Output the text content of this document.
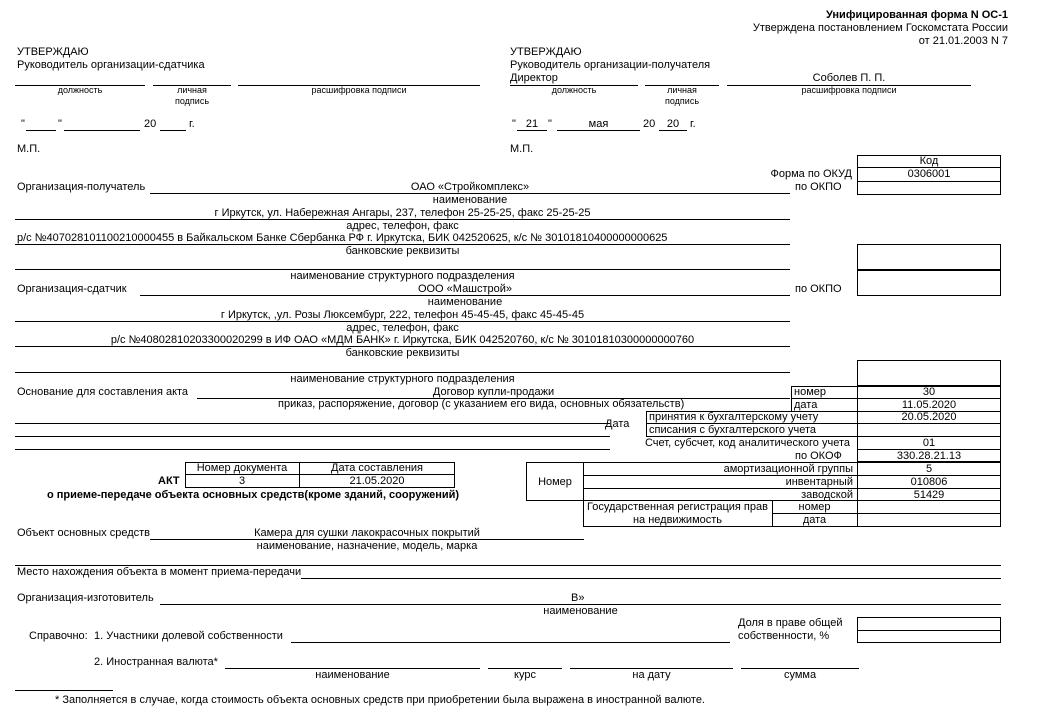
Унифицированная форма N ОС-1
Утверждена постановлением Госкомстата России
от 21.01.2003 N 7
УТВЕРЖДАЮ
Руководитель организации-сдатчика
должность	личная
подпись
расшифровка подписи
"	"	20	г.
М.П.
УТВЕРЖДАЮ
Руководитель организации-получателя
Директор	Соболев П. П.
должность	личная
подпись
расшифровка подписи
" 21 "	мая	20	20 г.
М.П.
Код
Форма по ОКУД	0306001
по ОКПО
Организация-получатель	ОАО «Стройкомплекс»
наименование
г Иркутск, ул. Набережная Ангары, 237, телефон 25-25-25, факс 25-25-25
адрес, телефон, факс
р/с №40702810110021000045​5 в Байкальском Банке Сбербанка РФ г. Иркутска, БИК 042520625, к/с № 30101810400000000625
банковские реквизиты
наименование структурного подразделения
Организация-сдатчик	ООО «Машстрой»
наименование
по ОКПО
г Иркутск, ,ул. Розы Люксембург, 222, телефон 45-45-45, факс 45-45-45
адрес, телефон, факс
р/с №40802810203300020299 в ИФ ОАО «МДМ БАНК» г. Иркутска, БИК 042520760, к/с № 30101810300000000760
банковские реквизиты
наименование структурного подразделения
Основание для составления акта	Договор купли-продажи
приказ, распоряжение, договор (с указанием его вида, основных обязательств)
номер	30
дата	11.05.2020
Дата
принятия к бухгалтерскому учету	20.05.2020
списания с бухгалтерского учета
Счет, субсчет, код аналитического учета	01
по ОКОФ	330.28.21.13
Номер документа	Дата составления
АКТ	3	21.05.2020
о приеме-передаче объекта основных средств(кроме зданий, сооружений)
Номер
амортизационной группы	5
инвентарный	010806
заводской	51429
Государственная регистрация прав
на недвижимость
номер
дата
Объект основных средств	Камера для сушки лакокрасочных покрытий
наименование, назначение, модель, марка
Место нахождения объекта в момент приема-передачи
Организация-изготовитель	В»
наименование
Справочно: 1. Участники долевой собственности
Доля в праве общей
собственности, %
2. Иностранная валюта*
наименование	курс	на дату	сумма
* Заполняется в случае, когда стоимость объекта основных средств при приобретении была выражена в иностранной валюте.
